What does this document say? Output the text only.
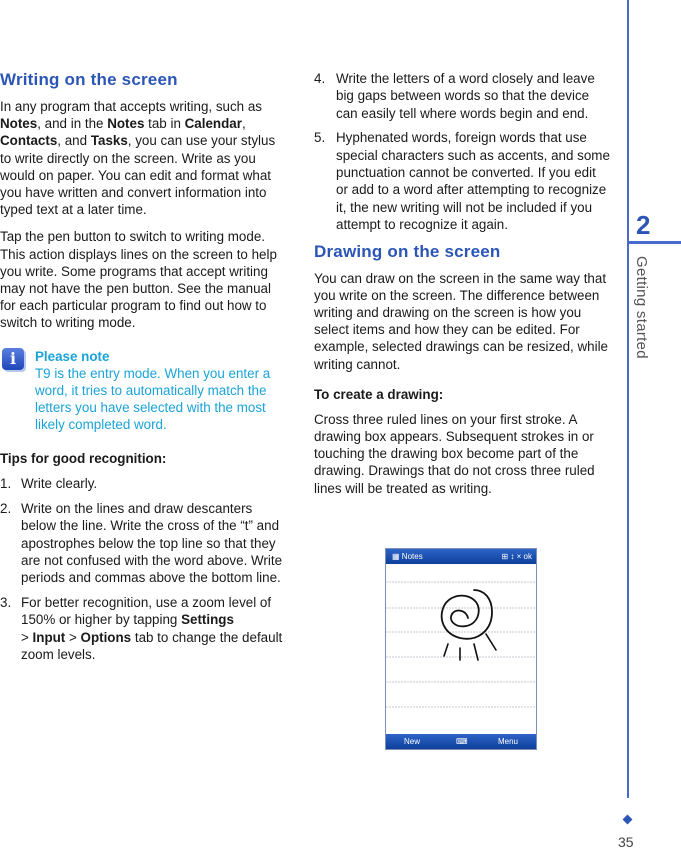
Writing on the screen

In any program that accepts writing, such as Notes, and in the Notes tab in Calendar, Contacts, and Tasks, you can use your stylus to write directly on the screen. Write as you would on paper. You can edit and format what you have written and convert information into typed text at a later time.

Tap the pen button to switch to writing mode. This action displays lines on the screen to help you write. Some programs that accept writing may not have the pen button. See the manual for each particular program to find out how to switch to writing mode.

i	Please note
T9 is the entry mode. When you enter a word, it tries to automatically match the letters you have selected with the most likely completed word.
Tips for good recognition:
1. Write clearly.
2. Write on the lines and draw descanters below the line. Write the cross of the “t” and apostrophes below the top line so that they are not confused with the word above. Write periods and commas above the bottom line.
3. For better recognition, use a zoom level of 150% or higher by tapping Settings
> Input > Options tab to change the default zoom levels.
4. Write the letters of a word closely and leave big gaps between words so that the device can easily tell where words begin and end.
5. Hyphenated words, foreign words that use special characters such as accents, and some punctuation cannot be converted. If you edit or add to a word after attempting to recognize it, the new writing will not be included if you attempt to recognize it again.
Drawing on the screen

You can draw on the screen in the same way that you write on the screen. The difference between writing and drawing on the screen is how you select items and how they can be edited. For example, selected drawings can be resized, while writing cannot.

To create a drawing:

Cross three ruled lines on your first stroke. A drawing box appears. Subsequent strokes in or touching the drawing box become part of the drawing. Drawings that do not cross three ruled lines will be treated as writing.

▦ Notes	⊞ ↕ × ok
New	⌨	Menu
2
Getting started
35
